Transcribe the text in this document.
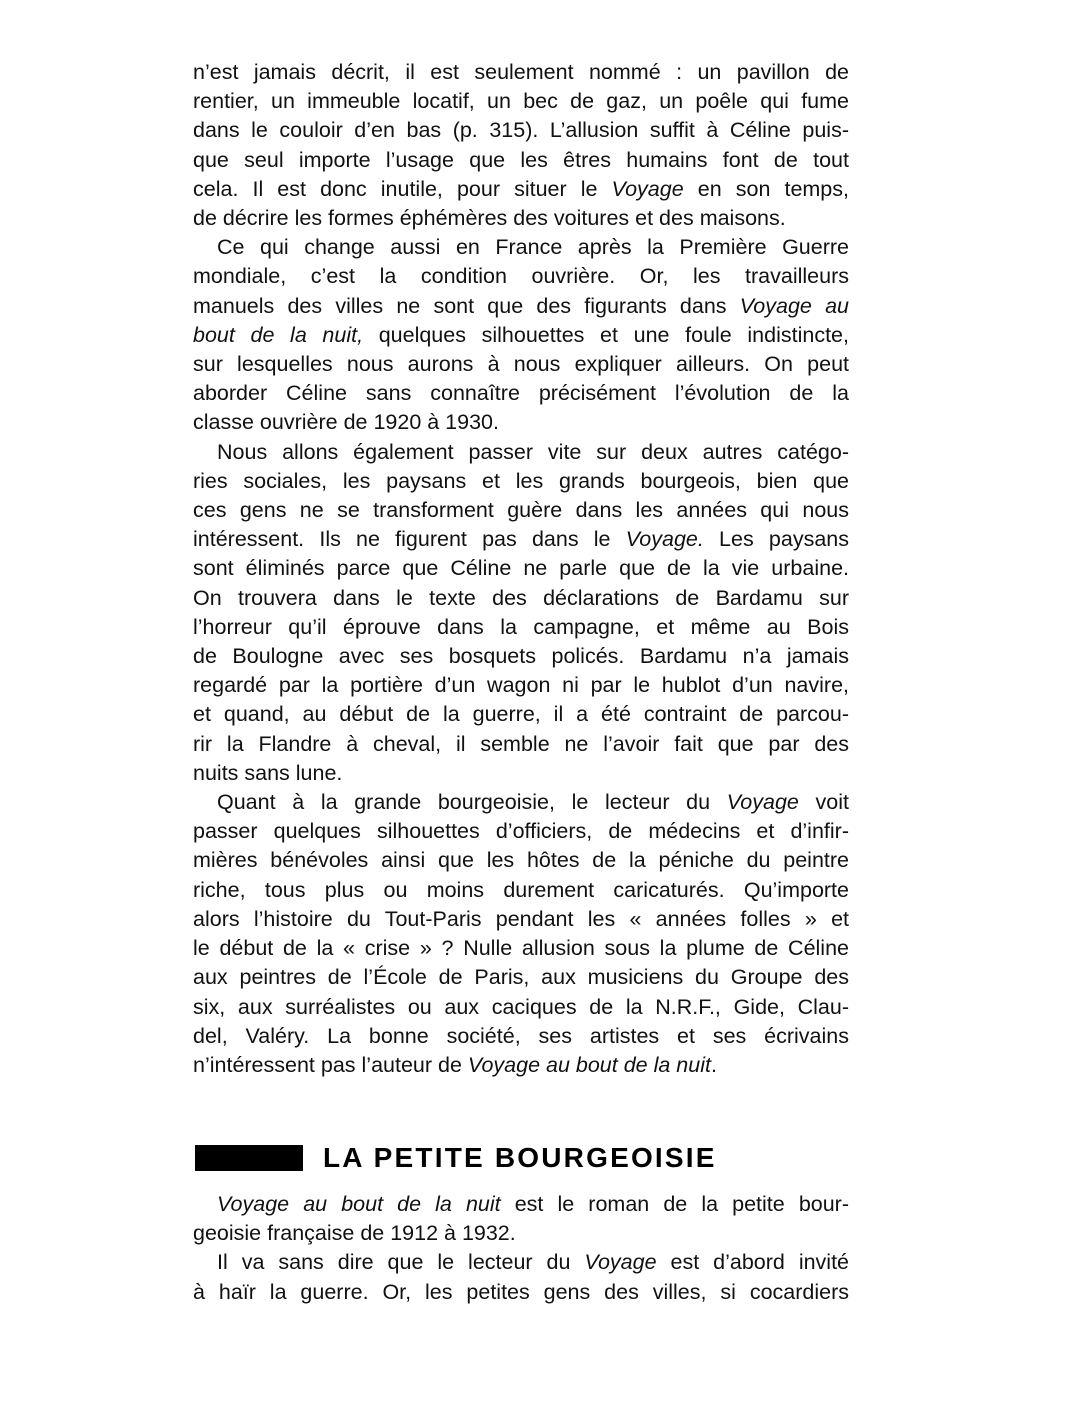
n’est jamais décrit, il est seulement nommé : un pavillon de
rentier, un immeuble locatif, un bec de gaz, un poêle qui fume
dans le couloir d’en bas (p. 315). L’allusion suffit à Céline puis-
que seul importe l’usage que les êtres humains font de tout
cela. Il est donc inutile, pour situer le Voyage en son temps,
de décrire les formes éphémères des voitures et des maisons.
Ce qui change aussi en France après la Première Guerre
mondiale, c’est la condition ouvrière. Or, les travailleurs
manuels des villes ne sont que des figurants dans Voyage au
bout de la nuit, quelques silhouettes et une foule indistincte,
sur lesquelles nous aurons à nous expliquer ailleurs. On peut
aborder Céline sans connaître précisément l’évolution de la
classe ouvrière de 1920 à 1930.
Nous allons également passer vite sur deux autres catégo-
ries sociales, les paysans et les grands bourgeois, bien que
ces gens ne se transforment guère dans les années qui nous
intéressent. Ils ne figurent pas dans le Voyage. Les paysans
sont éliminés parce que Céline ne parle que de la vie urbaine.
On trouvera dans le texte des déclarations de Bardamu sur
l’horreur qu’il éprouve dans la campagne, et même au Bois
de Boulogne avec ses bosquets policés. Bardamu n’a jamais
regardé par la portière d’un wagon ni par le hublot d’un navire,
et quand, au début de la guerre, il a été contraint de parcou-
rir la Flandre à cheval, il semble ne l’avoir fait que par des
nuits sans lune.
Quant à la grande bourgeoisie, le lecteur du Voyage voit
passer quelques silhouettes d’officiers, de médecins et d’infir-
mières bénévoles ainsi que les hôtes de la péniche du peintre
riche, tous plus ou moins durement caricaturés. Qu’importe
alors l’histoire du Tout-Paris pendant les « années folles » et
le début de la « crise » ? Nulle allusion sous la plume de Céline
aux peintres de l’École de Paris, aux musiciens du Groupe des
six, aux surréalistes ou aux caciques de la N.R.F., Gide, Clau-
del, Valéry. La bonne société, ses artistes et ses écrivains
n’intéressent pas l’auteur de Voyage au bout de la nuit.
LA PETITE BOURGEOISIE
Voyage au bout de la nuit est le roman de la petite bour-
geoisie française de 1912 à 1932.
Il va sans dire que le lecteur du Voyage est d’abord invité
à haïr la guerre. Or, les petites gens des villes, si cocardiers
